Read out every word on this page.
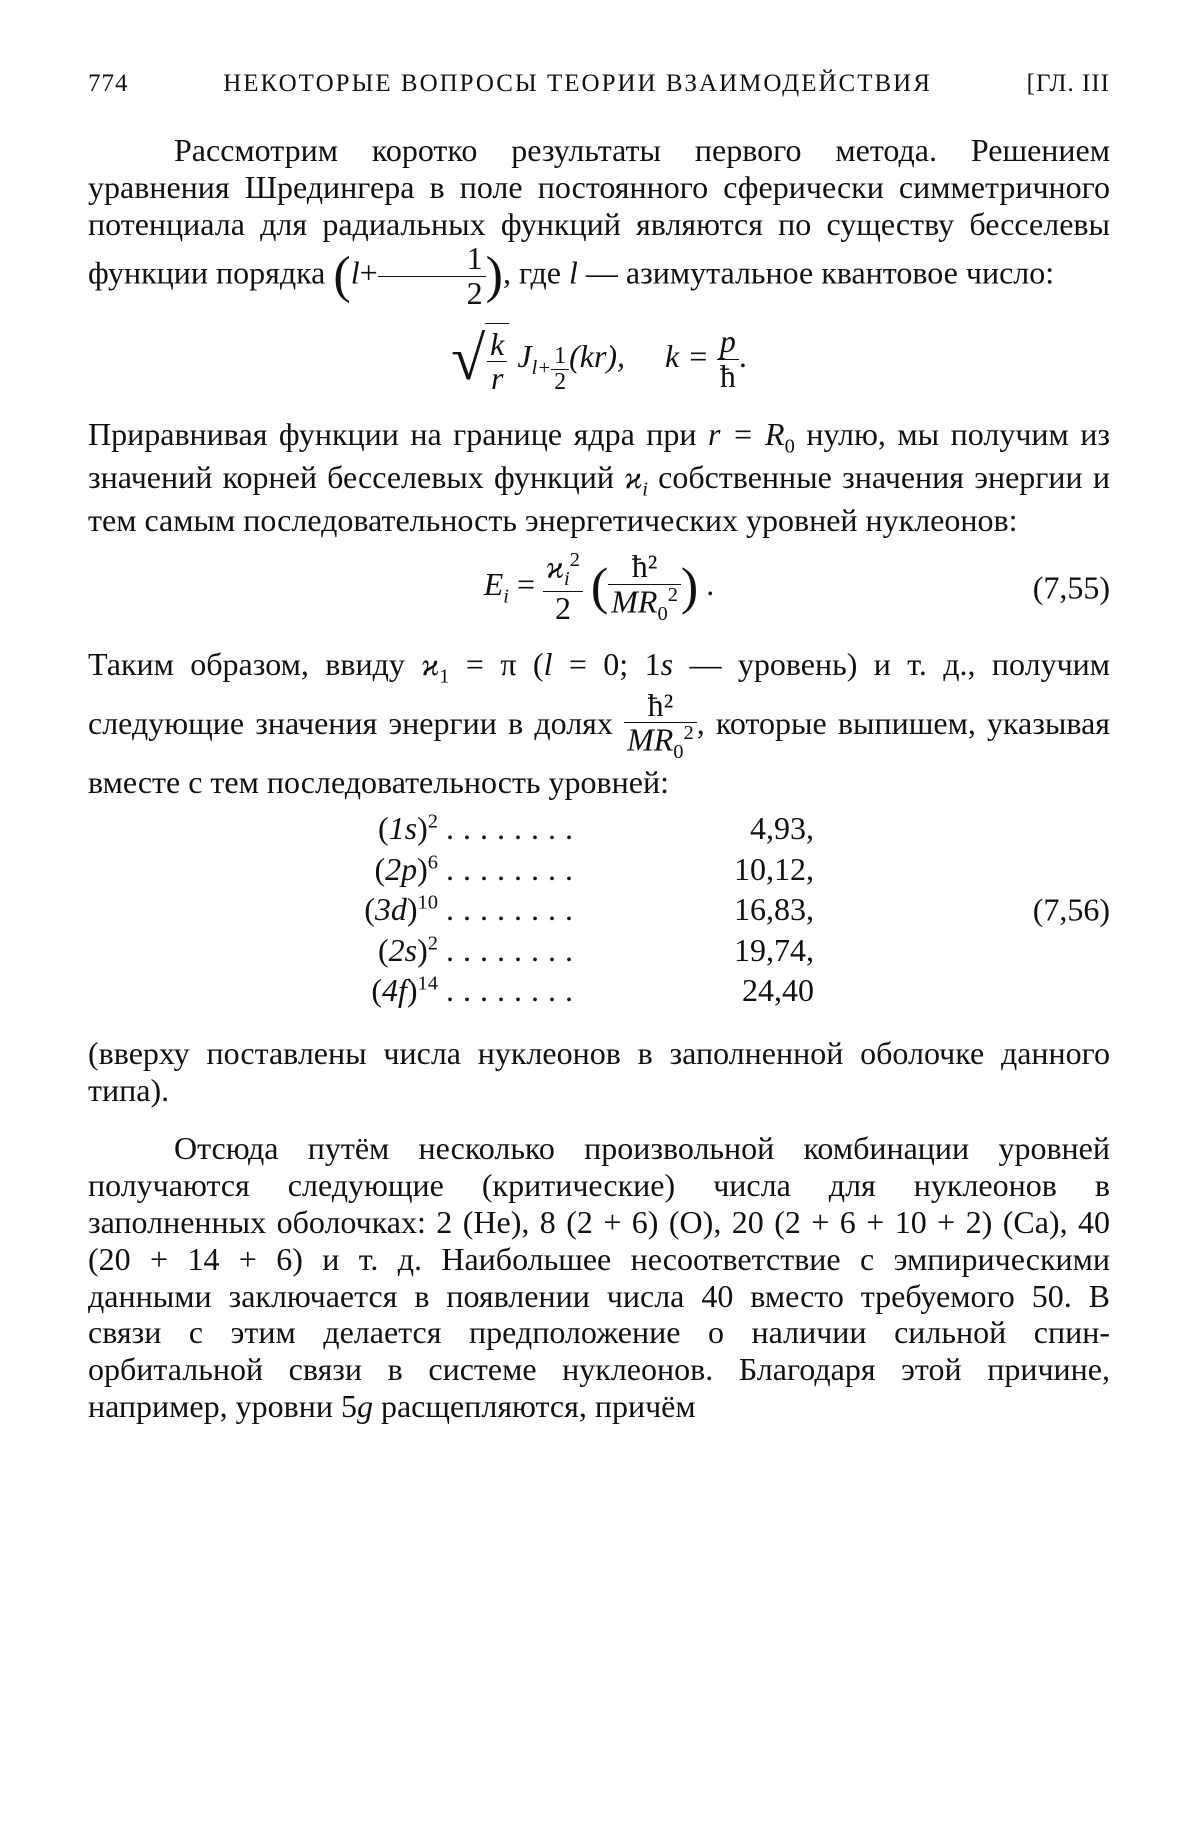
774	НЕКОТОРЫЕ ВОПРОСЫ ТЕОРИИ ВЗАИМОДЕЙСТВИЯ	[ГЛ. III

Рассмотрим коротко результаты первого метода. Решением уравнения Шредингера в поле постоянного сферически симметричного потенциала для радиальных функций являются по существу бесселевы функции порядка ($l+ \frac{1}{2}$ ), где l — азимутальное квантовое число:

√ $\frac{k}{r} J_{l+ \frac{1}{2}}$ (kr), $k = \frac{p}{ħ}$ .

Приравнивая функции на границе ядра при $r = R_0$ нулю, мы получим из значений корней бесселевых функций $ϰ_i$ собственные значения энергии и тем самым последовательность энергетических уровней нуклеонов:

$E_i = \frac{ϰ_i^2}{2}$ ( $\frac{\text{ħ²}}{MR_0^2}$ ) .	(7,55)

Таким образом, ввиду $ϰ_1 = \pi$ (l = 0; 1s — уровень) и т. д., получим следующие значения энергии в долях $\frac{\text{ħ²}}{MR_0^2}$ , которые выпишем, указывая вместе с тем последовательность уровней:

$(1s)^2$	........	4,93,
$(2p)^6$	........	10,12,
$(3d)^{10}$	........	16,83,
$(2s)^2$	........	19,74,
$(4f)^{14}$	........	24,40
(7,56)

(вверху поставлены числа нуклеонов в заполненной оболочке данного типа).

Отсюда путём несколько произвольной комбинации уровней получаются следующие (критические) числа для нуклеонов в заполненных оболочках: 2 (He), 8 (2 + 6) (O), 20 (2 + 6 + 10 + 2) (Ca), 40 (20 + 14 + 6) и т. д. Наибольшее несоответствие с эмпирическими данными заключается в появлении числа 40 вместо требуемого 50. В связи с этим делается предположение о наличии сильной спин-орбитальной связи в системе нуклеонов. Благодаря этой причине, например, уровни 5g расщепляются, причём
